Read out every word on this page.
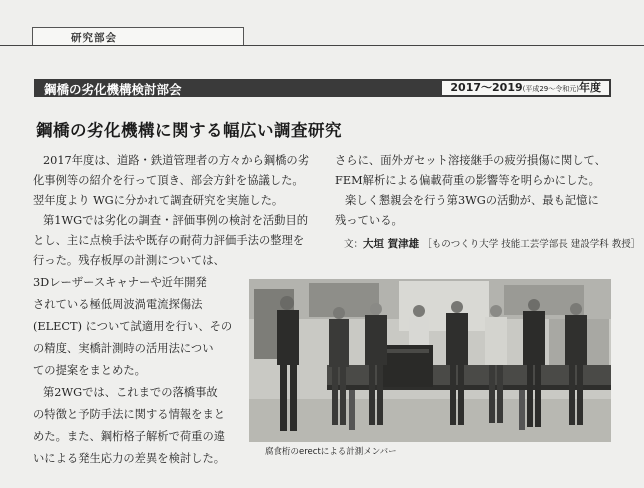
研究部会
鋼橋の劣化機構検討部会	2017～2019(平成29～令和元)年度
鋼橋の劣化機構に関する幅広い調査研究
2017年度は、道路・鉄道管理者の方々から鋼橋の劣
化事例等の紹介を行って頂き、部会方針を協議した。
翌年度より WGに分かれて調査研究を実施した。
第1WGでは劣化の調査・評価事例の検討を活動目的
とし、主に点検手法や既存の耐荷力評価手法の整理を
行った。残存板厚の計測については、
3Dレーザースキャナーや近年開発
されている極低周波渦電流探傷法
(ELECT) について試適用を行い、その
の精度、実橋計測時の活用法につい
ての提案をまとめた。
第2WGでは、これまでの落橋事故
の特徴と予防手法に関する情報をまと
めた。また、鋼桁格子解析で荷重の違
いによる発生応力の差異を検討した。
さらに、面外ガセット溶接継手の疲労損傷に関して、
FEM解析による偏載荷重の影響等を明らかにした。
楽しく懇親会を行う第3WGの活動が、最も記憶に
残っている。
文：大垣 賀津雄 ［ものつくり大学 技能工芸学部長 建設学科 教授］
腐食桁のerectによる計測メンバー
